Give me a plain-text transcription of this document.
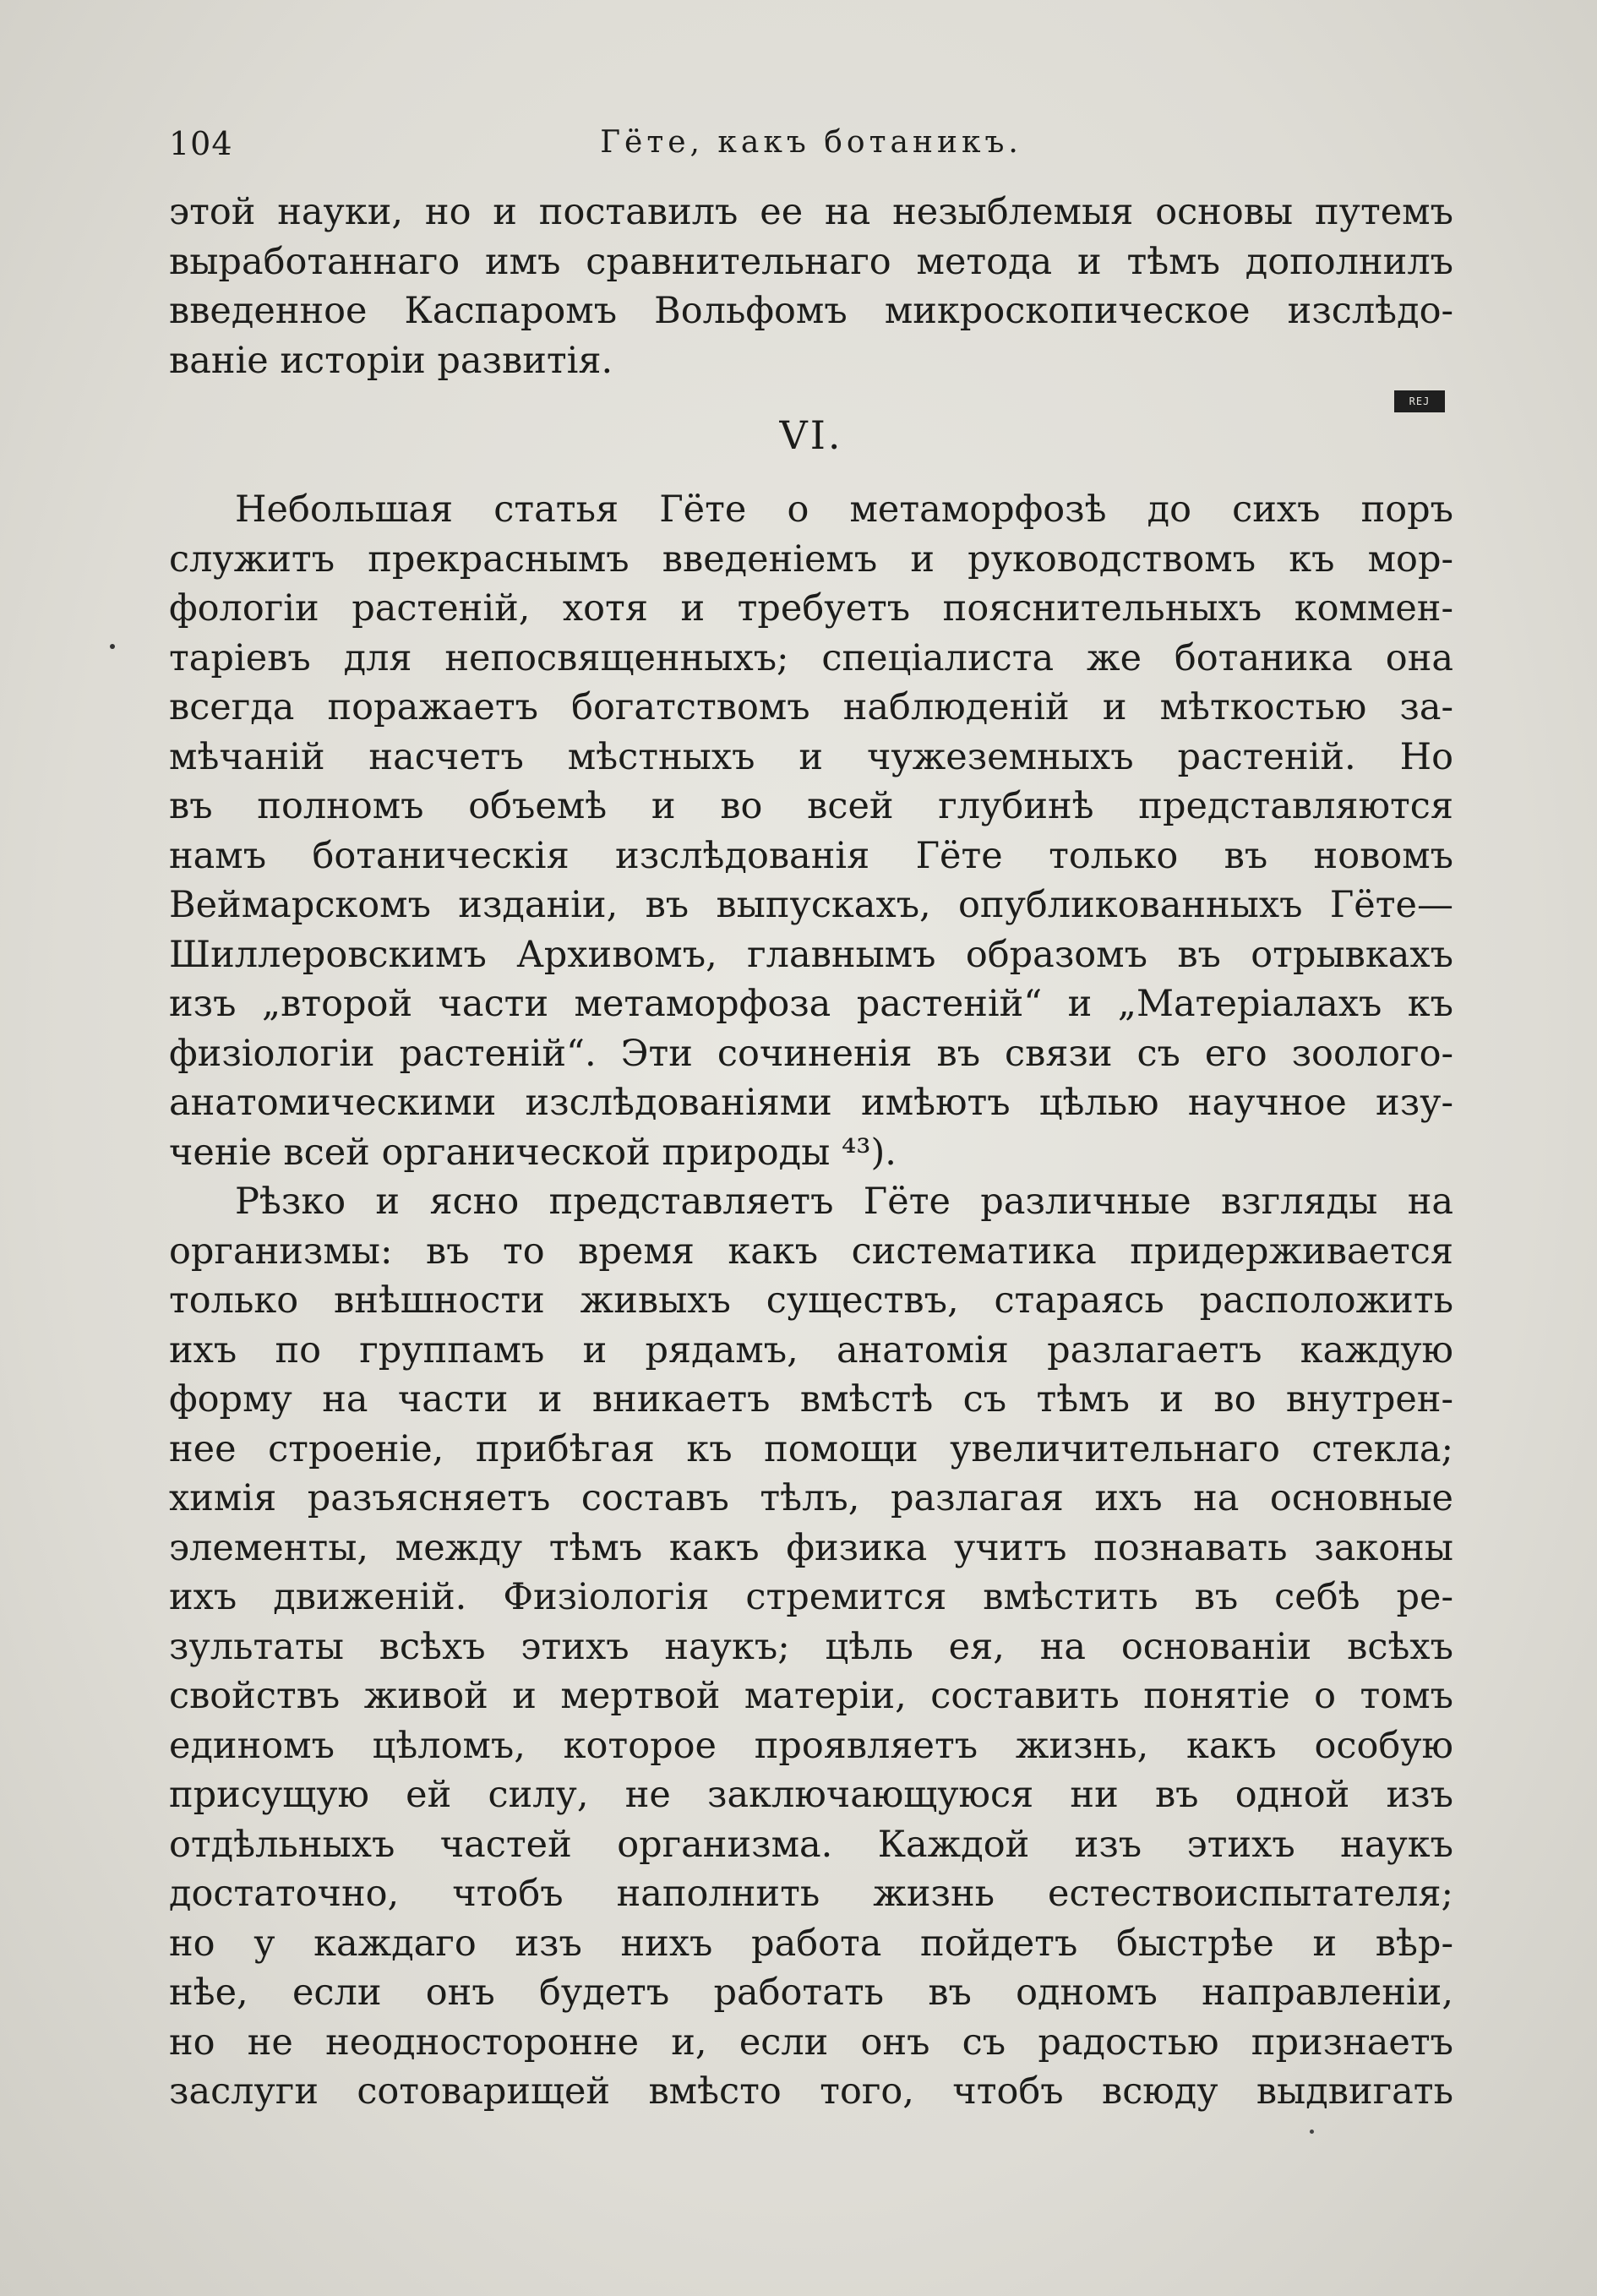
104	Гёте, какъ ботаникъ.
REJ
этой науки, но и поставилъ ее на незыблемыя основы путемъ
выработаннаго имъ сравнительнаго метода и тѣмъ дополнилъ
введенное Каспаромъ Вольфомъ микроскопическое изслѣдо-
ваніе исторіи развитія.
VI.
Небольшая статья Гёте о метаморфозѣ до сихъ поръ
служитъ прекраснымъ введеніемъ и руководствомъ къ мор-
фологіи растеній, хотя и требуетъ пояснительныхъ коммен-
таріевъ для непосвященныхъ; спеціалиста же ботаника она
всегда поражаетъ богатствомъ наблюденій и мѣткостью за-
мѣчаній насчетъ мѣстныхъ и чужеземныхъ растеній. Но
въ полномъ объемѣ и во всей глубинѣ представляются
намъ ботаническія изслѣдованія Гёте только въ новомъ
Веймарскомъ изданіи, въ выпускахъ, опубликованныхъ Гёте—
Шиллеровскимъ Архивомъ, главнымъ образомъ въ отрывкахъ
изъ „второй части метаморфоза растеній“ и „Матеріалахъ къ
физіологіи растеній“. Эти сочиненія въ связи съ его зоолого-
анатомическими изслѣдованіями имѣютъ цѣлью научное изу-
ченіе всей органической природы ⁴³).
Рѣзко и ясно представляетъ Гёте различные взгляды на
организмы: въ то время какъ систематика придерживается
только внѣшности живыхъ существъ, стараясь расположить
ихъ по группамъ и рядамъ, анатомія разлагаетъ каждую
форму на части и вникаетъ вмѣстѣ съ тѣмъ и во внутрен-
нее строеніе, прибѣгая къ помощи увеличительнаго стекла;
химія разъясняетъ составъ тѣлъ, разлагая ихъ на основные
элементы, между тѣмъ какъ физика учитъ познавать законы
ихъ движеній. Физіологія стремится вмѣстить въ себѣ ре-
зультаты всѣхъ этихъ наукъ; цѣль ея, на основаніи всѣхъ
свойствъ живой и мертвой матеріи, составить понятіе о томъ
единомъ цѣломъ, которое проявляетъ жизнь, какъ особую
присущую ей силу, не заключающуюся ни въ одной изъ
отдѣльныхъ частей организма. Каждой изъ этихъ наукъ
достаточно, чтобъ наполнить жизнь естествоиспытателя;
но у каждаго изъ нихъ работа пойдетъ быстрѣе и вѣр-
нѣе, если онъ будетъ работать въ одномъ направленіи,
но не неодносторонне и, если онъ съ радостью признаетъ
заслуги сотоварищей вмѣсто того, чтобъ всюду выдвигать
